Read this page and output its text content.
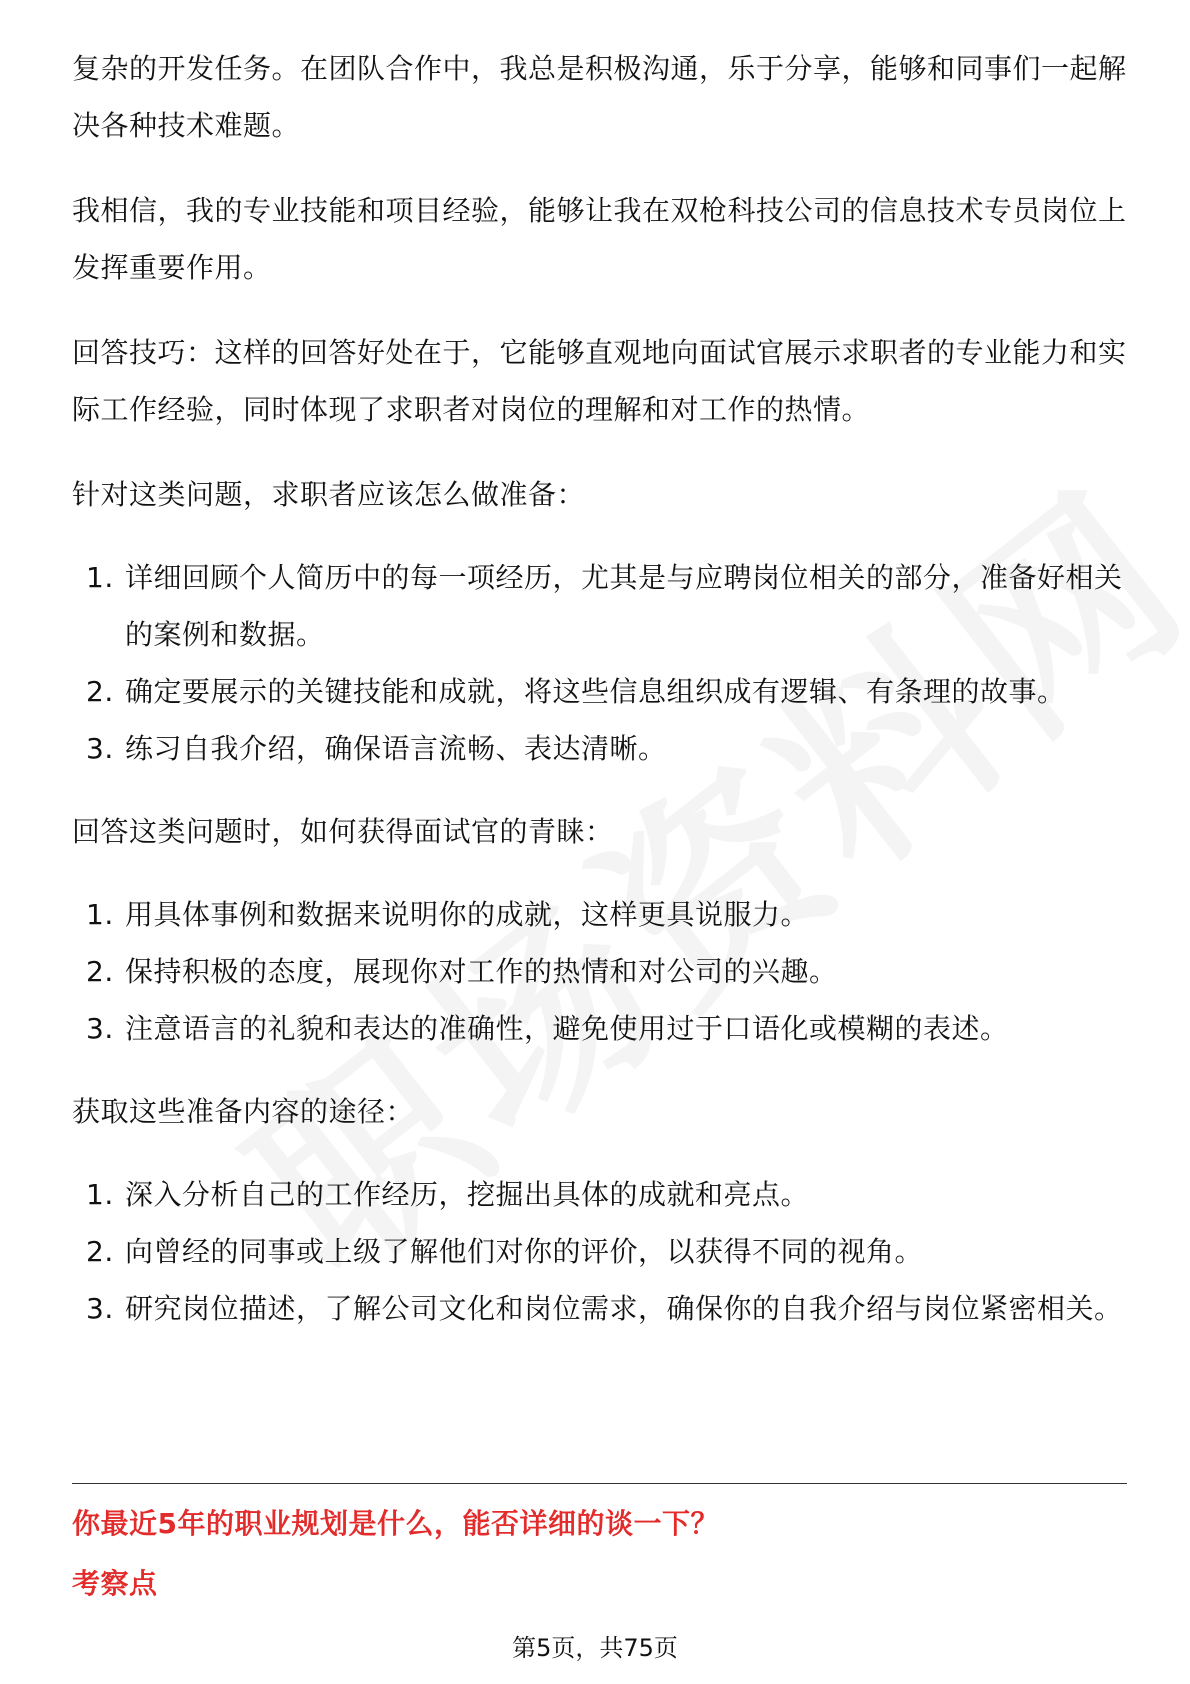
复杂的开发任务。在团队合作中，我总是积极沟通，乐于分享，能够和同事们一起解决各种技术难题。

我相信，我的专业技能和项目经验，能够让我在双枪科技公司的信息技术专员岗位上发挥重要作用。

回答技巧：这样的回答好处在于，它能够直观地向面试官展示求职者的专业能力和实际工作经验，同时体现了求职者对岗位的理解和对工作的热情。

针对这类问题，求职者应该怎么做准备：

1. 详细回顾个人简历中的每一项经历，尤其是与应聘岗位相关的部分，准备好相关的案例和数据。
2. 确定要展示的关键技能和成就，将这些信息组织成有逻辑、有条理的故事。
3. 练习自我介绍，确保语言流畅、表达清晰。

回答这类问题时，如何获得面试官的青睐：

1. 用具体事例和数据来说明你的成就，这样更具说服力。
2. 保持积极的态度，展现你对工作的热情和对公司的兴趣。
3. 注意语言的礼貌和表达的准确性，避免使用过于口语化或模糊的表述。

获取这些准备内容的途径：

1. 深入分析自己的工作经历，挖掘出具体的成就和亮点。
2. 向曾经的同事或上级了解他们对你的评价，以获得不同的视角。
3. 研究岗位描述，了解公司文化和岗位需求，确保你的自我介绍与岗位紧密相关。
你最近5年的职业规划是什么，能否详细的谈一下？
考察点
第5页，共75页
